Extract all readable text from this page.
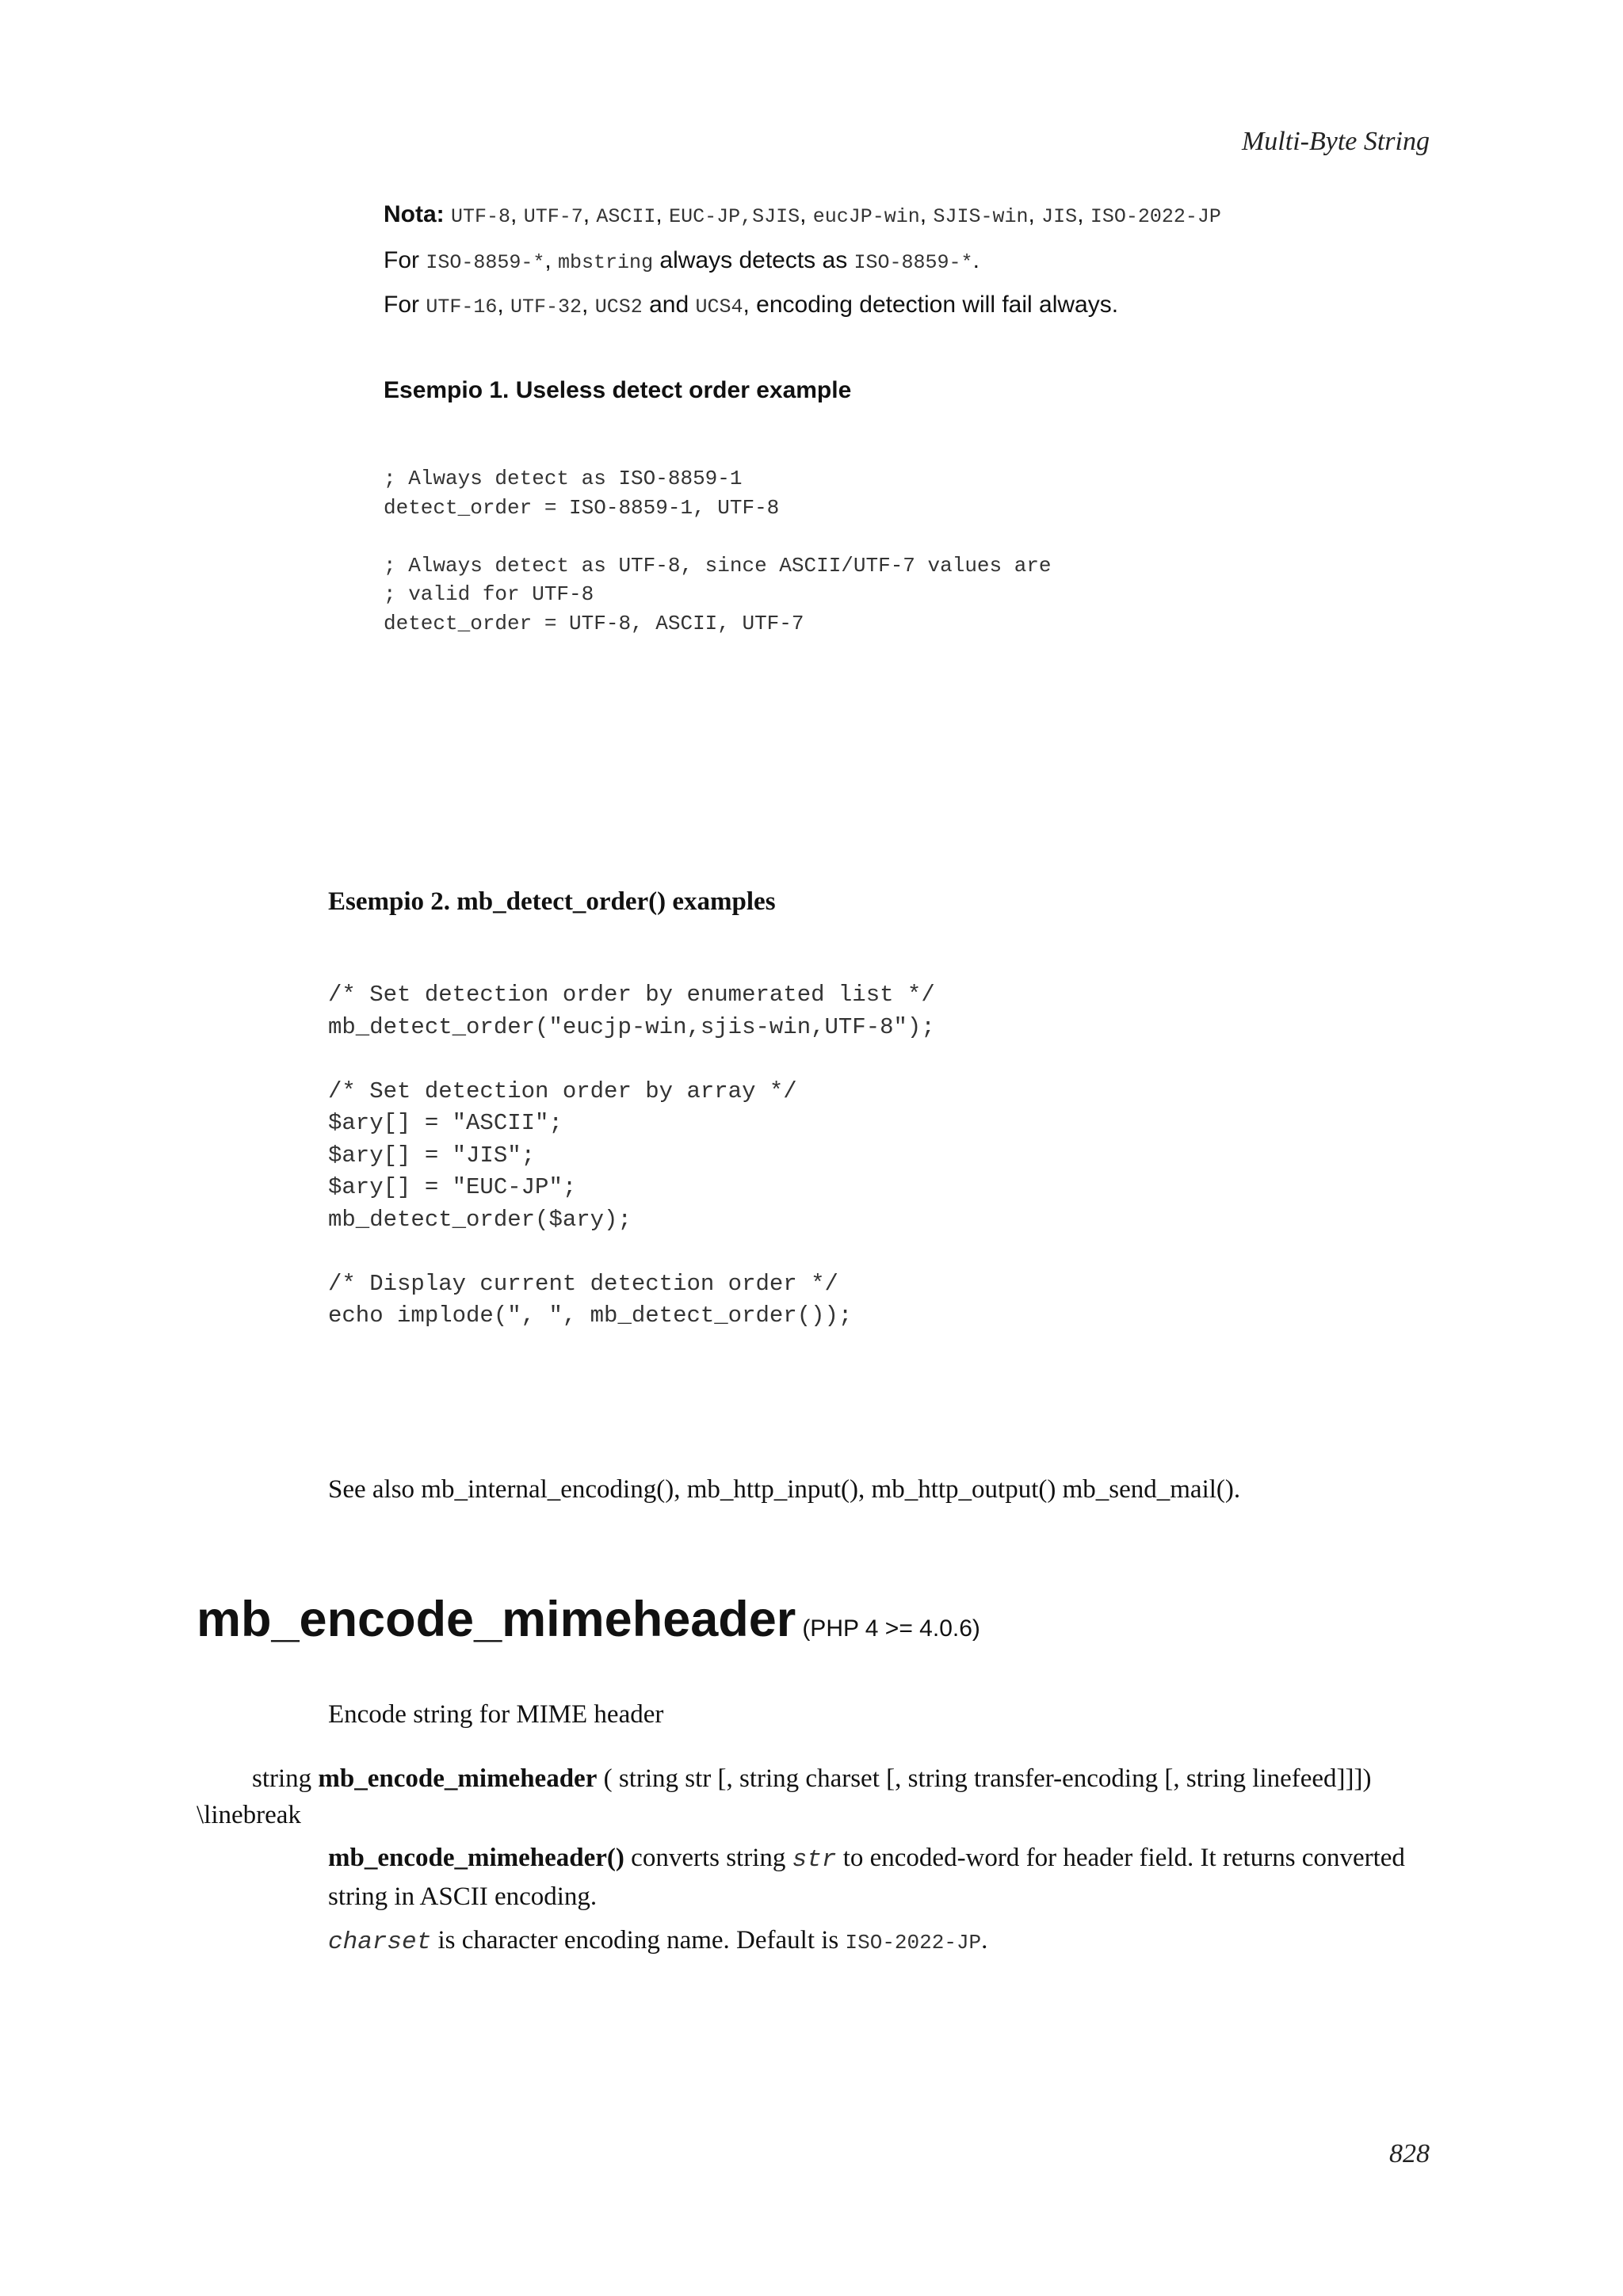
Multi-Byte String
Nota: UTF-8, UTF-7, ASCII, EUC-JP,SJIS, eucJP-win, SJIS-win, JIS, ISO-2022-JP
For ISO-8859-*, mbstring always detects as ISO-8859-*.
For UTF-16, UTF-32, UCS2 and UCS4, encoding detection will fail always.
Esempio 1. Useless detect order example
; Always detect as ISO-8859-1
detect_order = ISO-8859-1, UTF-8

; Always detect as UTF-8, since ASCII/UTF-7 values are
; valid for UTF-8
detect_order = UTF-8, ASCII, UTF-7
Esempio 2. mb_detect_order() examples
/* Set detection order by enumerated list */
mb_detect_order("eucjp-win,sjis-win,UTF-8");

/* Set detection order by array */
$ary[] = "ASCII";
$ary[] = "JIS";
$ary[] = "EUC-JP";
mb_detect_order($ary);

/* Display current detection order */
echo implode(", ", mb_detect_order());
See also mb_internal_encoding(), mb_http_input(), mb_http_output() mb_send_mail().
mb_encode_mimeheader (PHP 4 >= 4.0.6)
Encode string for MIME header
string mb_encode_mimeheader ( string str [, string charset [, string transfer-encoding [, string linefeed]]]) \linebreak
mb_encode_mimeheader() converts string str to encoded-word for header field. It returns converted string in ASCII encoding.
charset is character encoding name. Default is ISO-2022-JP.
828
